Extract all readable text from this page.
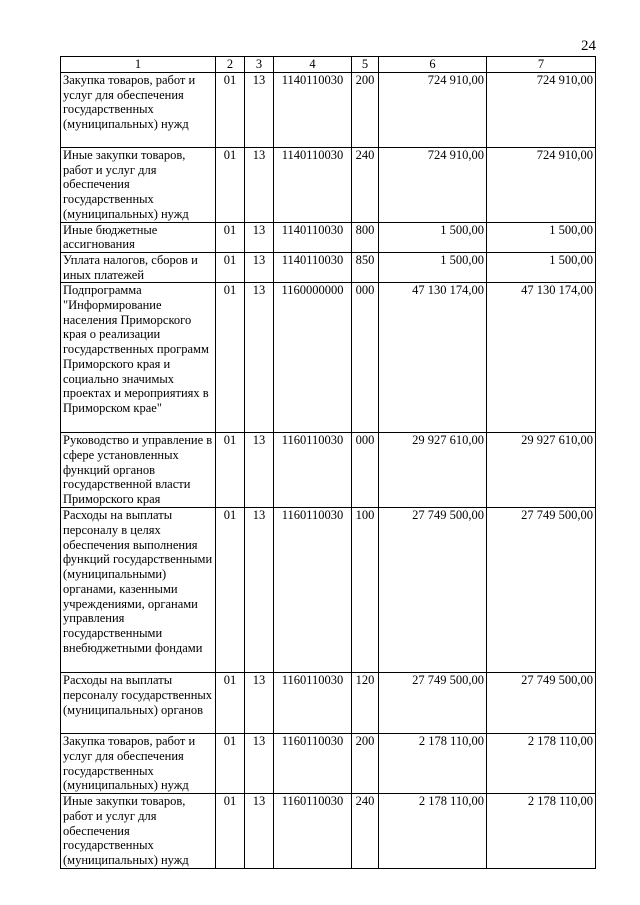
24
1	2	3	4	5	6	7
Закупка товаров, работ и услуг для обеспечения государственных (муниципальных) нужд	01	13	1140110030	200	724 910,00	724 910,00
Иные закупки товаров, работ и услуг для обеспечения государственных (муниципальных) нужд	01	13	1140110030	240	724 910,00	724 910,00
Иные бюджетные ассигнования	01	13	1140110030	800	1 500,00	1 500,00
Уплата налогов, сборов и иных платежей	01	13	1140110030	850	1 500,00	1 500,00
Подпрограмма "Информирование населения Приморского края о реализации государственных программ Приморского края и социально значимых проектах и мероприятиях в Приморском крае"	01	13	1160000000	000	47 130 174,00	47 130 174,00
Руководство и управление в сфере установленных функций органов государственной власти Приморского края	01	13	1160110030	000	29 927 610,00	29 927 610,00
Расходы на выплаты персоналу в целях обеспечения выполнения функций государственными (муниципальными) органами, казенными учреждениями, органами управления государственными внебюджетными фондами	01	13	1160110030	100	27 749 500,00	27 749 500,00
Расходы на выплаты персоналу государственных (муниципальных) органов	01	13	1160110030	120	27 749 500,00	27 749 500,00
Закупка товаров, работ и услуг для обеспечения государственных (муниципальных) нужд	01	13	1160110030	200	2 178 110,00	2 178 110,00
Иные закупки товаров, работ и услуг для обеспечения государственных (муниципальных) нужд	01	13	1160110030	240	2 178 110,00	2 178 110,00
